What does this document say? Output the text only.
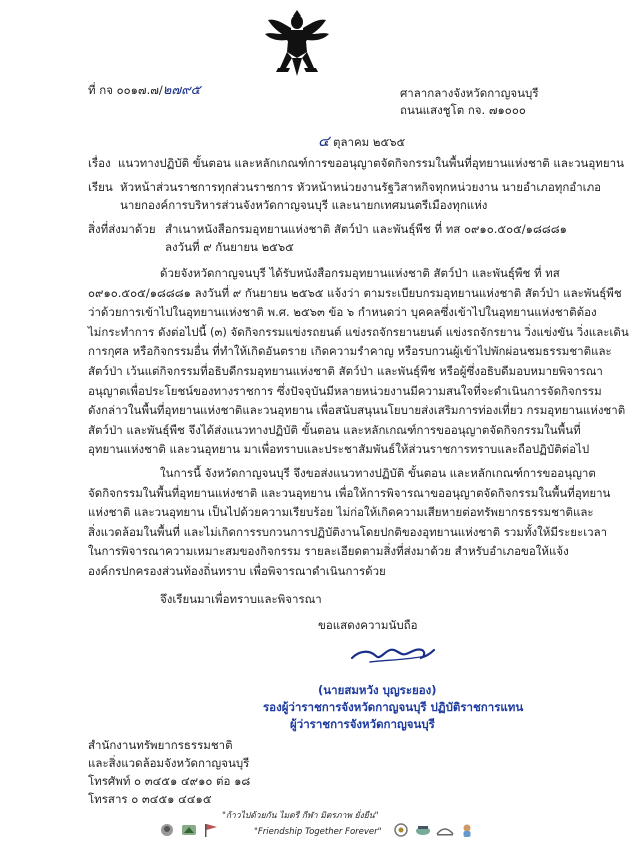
ที่ กจ ๐๐๑๗.๗/๒๗๙๕	ศาลากลางจังหวัดกาญจนบุรี
ถนนแสงชูโต กจ. ๗๑๐๐๐
๔ ตุลาคม ๒๕๖๕
เรื่อง แนวทางปฏิบัติ ขั้นตอน และหลักเกณฑ์การขออนุญาตจัดกิจกรรมในพื้นที่อุทยานแห่งชาติ และวนอุทยาน
เรียน หัวหน้าส่วนราชการทุกส่วนราชการ หัวหน้าหน่วยงานรัฐวิสาหกิจทุกหน่วยงาน นายอำเภอทุกอำเภอ
นายกองค์การบริหารส่วนจังหวัดกาญจนบุรี และนายกเทศมนตรีเมืองทุกแห่ง
สิ่งที่ส่งมาด้วย สำเนาหนังสือกรมอุทยานแห่งชาติ สัตว์ป่า และพันธุ์พืช ที่ ทส ๐๙๑๐.๕๐๕/๑๘๘๘๑
ลงวันที่ ๙ กันยายน ๒๕๖๕
ด้วยจังหวัดกาญจนบุรี ได้รับหนังสือกรมอุทยานแห่งชาติ สัตว์ป่า และพันธุ์พืช ที่ ทส
๐๙๑๐.๕๐๕/๑๘๘๘๑ ลงวันที่ ๙ กันยายน ๒๕๖๕ แจ้งว่า ตามระเบียบกรมอุทยานแห่งชาติ สัตว์ป่า และพันธุ์พืช
ว่าด้วยการเข้าไปในอุทยานแห่งชาติ พ.ศ. ๒๕๖๓ ข้อ ๖ กำหนดว่า บุคคลซึ่งเข้าไปในอุทยานแห่งชาติต้อง
ไม่กระทำการ ดังต่อไปนี้ (๓) จัดกิจกรรมแข่งรถยนต์ แข่งรถจักรยานยนต์ แข่งรถจักรยาน วิ่งแข่งขัน วิ่งและเดิน
การกุศล หรือกิจกรรมอื่น ที่ทำให้เกิดอันตราย เกิดความรำคาญ หรือรบกวนผู้เข้าไปพักผ่อนชมธรรมชาติและ
สัตว์ป่า เว้นแต่กิจกรรมที่อธิบดีกรมอุทยานแห่งชาติ สัตว์ป่า และพันธุ์พืช หรือผู้ซึ่งอธิบดีมอบหมายพิจารณา
อนุญาตเพื่อประโยชน์ของทางราชการ ซึ่งปัจจุบันมีหลายหน่วยงานมีความสนใจที่จะดำเนินการจัดกิจกรรม
ดังกล่าวในพื้นที่อุทยานแห่งชาติและวนอุทยาน เพื่อสนับสนุนนโยบายส่งเสริมการท่องเที่ยว กรมอุทยานแห่งชาติ
สัตว์ป่า และพันธุ์พืช จึงได้ส่งแนวทางปฏิบัติ ขั้นตอน และหลักเกณฑ์การขออนุญาตจัดกิจกรรมในพื้นที่
อุทยานแห่งชาติ และวนอุทยาน มาเพื่อทราบและประชาสัมพันธ์ให้ส่วนราชการทราบและถือปฏิบัติต่อไป
ในการนี้ จังหวัดกาญจนบุรี จึงขอส่งแนวทางปฏิบัติ ขั้นตอน และหลักเกณฑ์การขออนุญาต
จัดกิจกรรมในพื้นที่อุทยานแห่งชาติ และวนอุทยาน เพื่อให้การพิจารณาขออนุญาตจัดกิจกรรมในพื้นที่อุทยาน
แห่งชาติ และวนอุทยาน เป็นไปด้วยความเรียบร้อย ไม่ก่อให้เกิดความเสียหายต่อทรัพยากรธรรมชาติและ
สิ่งแวดล้อมในพื้นที่ และไม่เกิดการรบกวนการปฏิบัติงานโดยปกติของอุทยานแห่งชาติ รวมทั้งให้มีระยะเวลา
ในการพิจารณาความเหมาะสมของกิจกรรม รายละเอียดตามสิ่งที่ส่งมาด้วย สำหรับอำเภอขอให้แจ้ง
องค์กรปกครองส่วนท้องถิ่นทราบ เพื่อพิจารณาดำเนินการด้วย
จึงเรียนมาเพื่อทราบและพิจารณา
ขอแสดงความนับถือ
(นายสมหวัง บุญระยอง)
รองผู้ว่าราชการจังหวัดกาญจนบุรี ปฏิบัติราชการแทน
ผู้ว่าราชการจังหวัดกาญจนบุรี
สำนักงานทรัพยากรธรรมชาติ
และสิ่งแวดล้อมจังหวัดกาญจนบุรี
โทรศัพท์ ๐ ๓๔๕๑ ๔๙๑๐ ต่อ ๑๘
โทรสาร ๐ ๓๔๕๑ ๔๔๑๕
"ก้าวไปด้วยกัน ไมตรี กีฬา มิตรภาพ ยั่งยืน"
"Friendship Together Forever"
